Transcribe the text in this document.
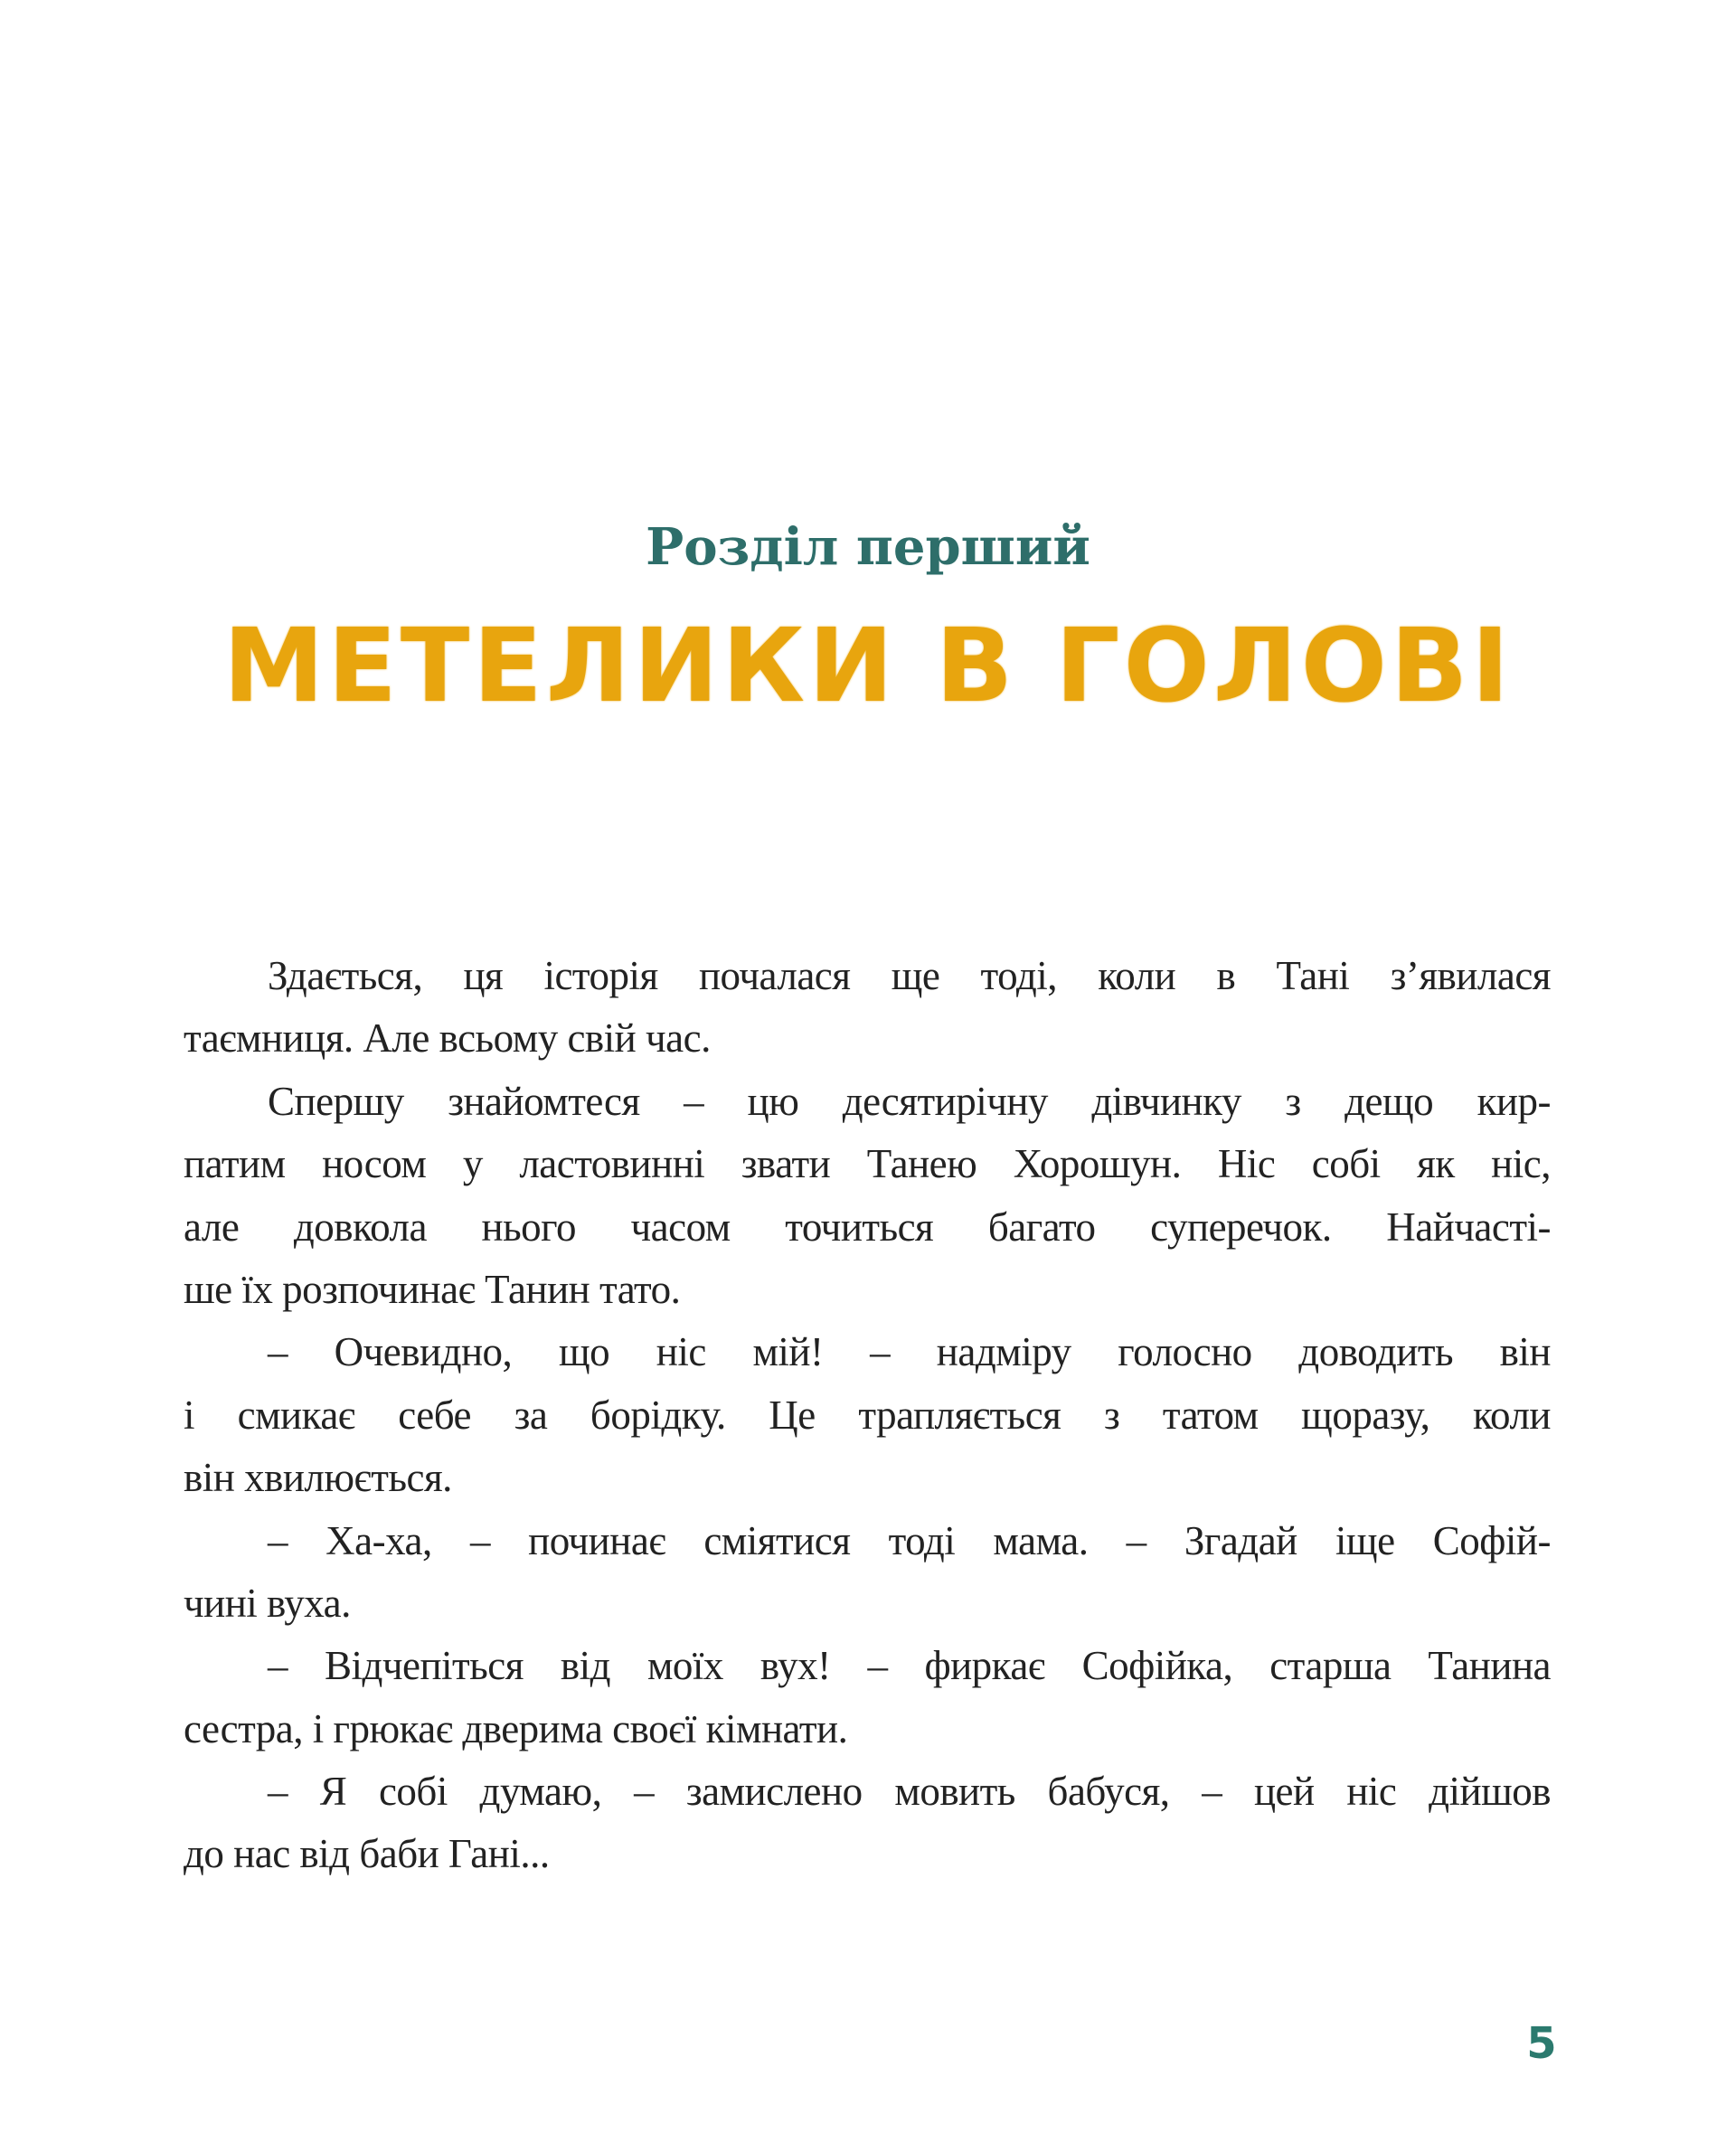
Розділ перший
МЕТЕЛИКИ В ГОЛОВІ
Здається, ця історія почалася ще тоді, коли в Тані з’явилася
таємниця. Але всьому свій час.
Спершу знайомтеся – цю десятирічну дівчинку з дещо кир-
патим носом у ластовинні звати Танею Хорошун. Ніс собі як ніс,
але довкола нього часом точиться багато суперечок. Найчасті-
ше їх розпочинає Танин тато.
– Очевидно, що ніс мій! – надміру голосно доводить він
і смикає себе за борідку. Це трапляється з татом щоразу, коли
він хвилюється.
– Ха-ха, – починає сміятися тоді мама. – Згадай іще Софій-
чині вуха.
– Відчепіться від моїх вух! – фиркає Софійка, старша Танина
сестра, і грюкає дверима своєї кімнати.
– Я собі думаю, – замислено мовить бабуся, – цей ніс дійшов
до нас від баби Гані...
5
